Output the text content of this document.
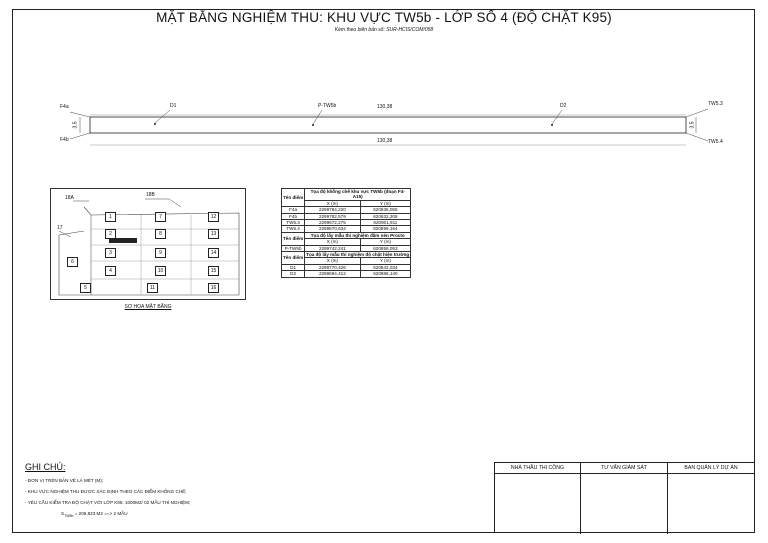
MẶT BẰNG NGHIỆM THU: KHU VỰC TW5b - LỚP SỐ 4 (ĐỘ CHẶT K95)
Kèm theo biên bản số: SUR-HCIS/COM/058
F4a
F4b
TW5.3
TW5.4
D1	P-TW5b	D2
130,38
130,38
3,5	3,5
18A	18B
17
1
2
3
4
5
6
7
8
9
10
11
12
13
14
15
16
SƠ HỌA MẶT BẰNG
Tên điểm	Tọa độ khống chế khu vực TW5b (đoạn F4-A15)	
	X (m)	Y (m)
F4a	2299784,220	620835,055
F4b	2299782,579	620832,308
TW5.3	2299672,275	620901,911
TW5.4	2299670,634	620899,164
Tên điểm	Tọa độ lấy mẫu thí nghiệm đầm nén Procto	
	X (m)	Y (m)
P-TW5b	2299742,241	620858,053
Tên điểm	Tọa độ lấy mẫu thí nghiệm độ chặt hiện trường	
	X (m)	Y (m)
D1	2299770,426	620842,034
D2	2299694,412	620886,140
GHI CHÚ:
- ĐƠN VỊ TRÊN BẢN VẼ LÀ MÉT (M);
- KHU VỰC NGHIỆM THU ĐƯỢC XÁC ĐỊNH THEO CÁC ĐIỂM KHỐNG CHẾ;
- YÊU CẦU KIỂM TRA ĐỘ CHẶT VỚI LỚP K95: 1000M2/ 02 MẪU THÍ NGHIỆM;
$S_{TW5b} = 209,823$ M2 ==> 2 MẪU
NHÀ THẦU THI CÔNG	TƯ VẤN GIÁM SÁT	BAN QUẢN LÝ DỰ ÁN
